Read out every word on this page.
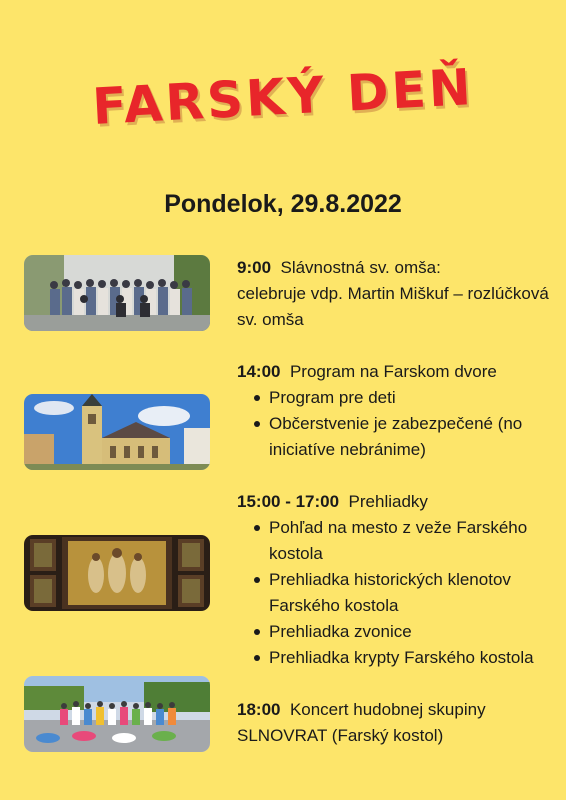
FARSKÝ DEŇ
Pondelok, 29.8.2022
9:00 Slávnostná sv. omša:
celebruje vdp. Martin Miškuf – rozlúčková sv. omša
14:00 Program na Farskom dvore
Program pre deti
Občerstvenie je zabezpečené (no iniciatíve nebránime)
15:00 - 17:00 Prehliadky
Pohľad na mesto z veže Farského kostola
Prehliadka historických klenotov Farského kostola
Prehliadka zvonice
Prehliadka krypty Farského kostola
18:00 Koncert hudobnej skupiny
SLNOVRAT (Farský kostol)
